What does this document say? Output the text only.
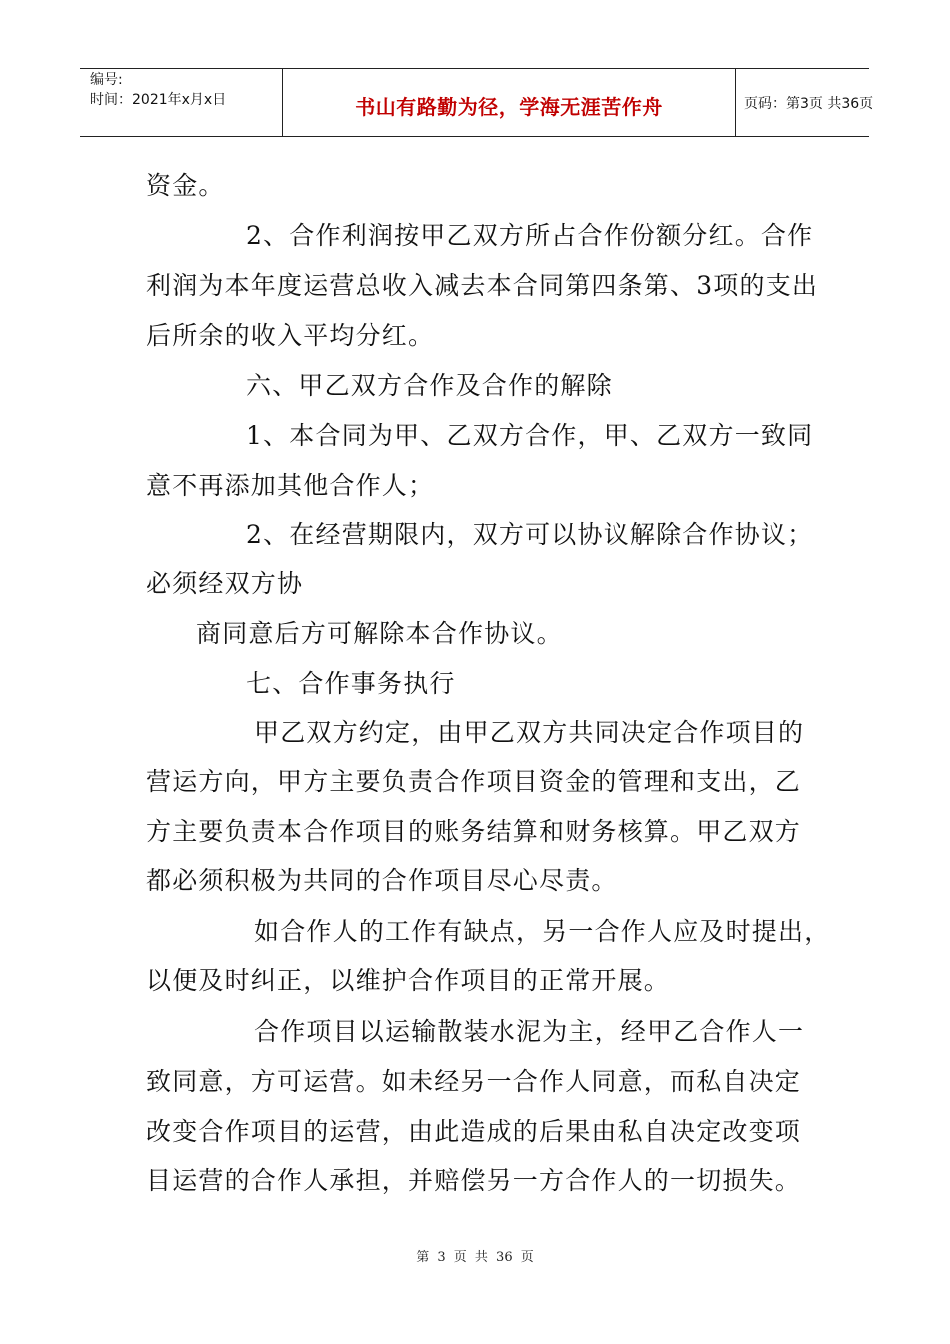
编号:
时间：2021年x月x日	书山有路勤为径，学海无涯苦作舟	页码：第3页 共36页
资金。
2、合作利润按甲乙双方所占合作份额分红。合作
利润为本年度运营总收入减去本合同第四条第、3项的支出
后所余的收入平均分红。
六、甲乙双方合作及合作的解除
1、本合同为甲、乙双方合作，甲、乙双方一致同
意不再添加其他合作人；
2、在经营期限内，双方可以协议解除合作协议；
必须经双方协
商同意后方可解除本合作协议。
七、合作事务执行
甲乙双方约定，由甲乙双方共同决定合作项目的
营运方向，甲方主要负责合作项目资金的管理和支出，乙
方主要负责本合作项目的账务结算和财务核算。甲乙双方
都必须积极为共同的合作项目尽心尽责。
如合作人的工作有缺点，另一合作人应及时提出，
以便及时纠正，以维护合作项目的正常开展。
合作项目以运输散装水泥为主，经甲乙合作人一
致同意，方可运营。如未经另一合作人同意，而私自决定
改变合作项目的运营，由此造成的后果由私自决定改变项
目运营的合作人承担，并赔偿另一方合作人的一切损失。
第 3 页 共 36 页
